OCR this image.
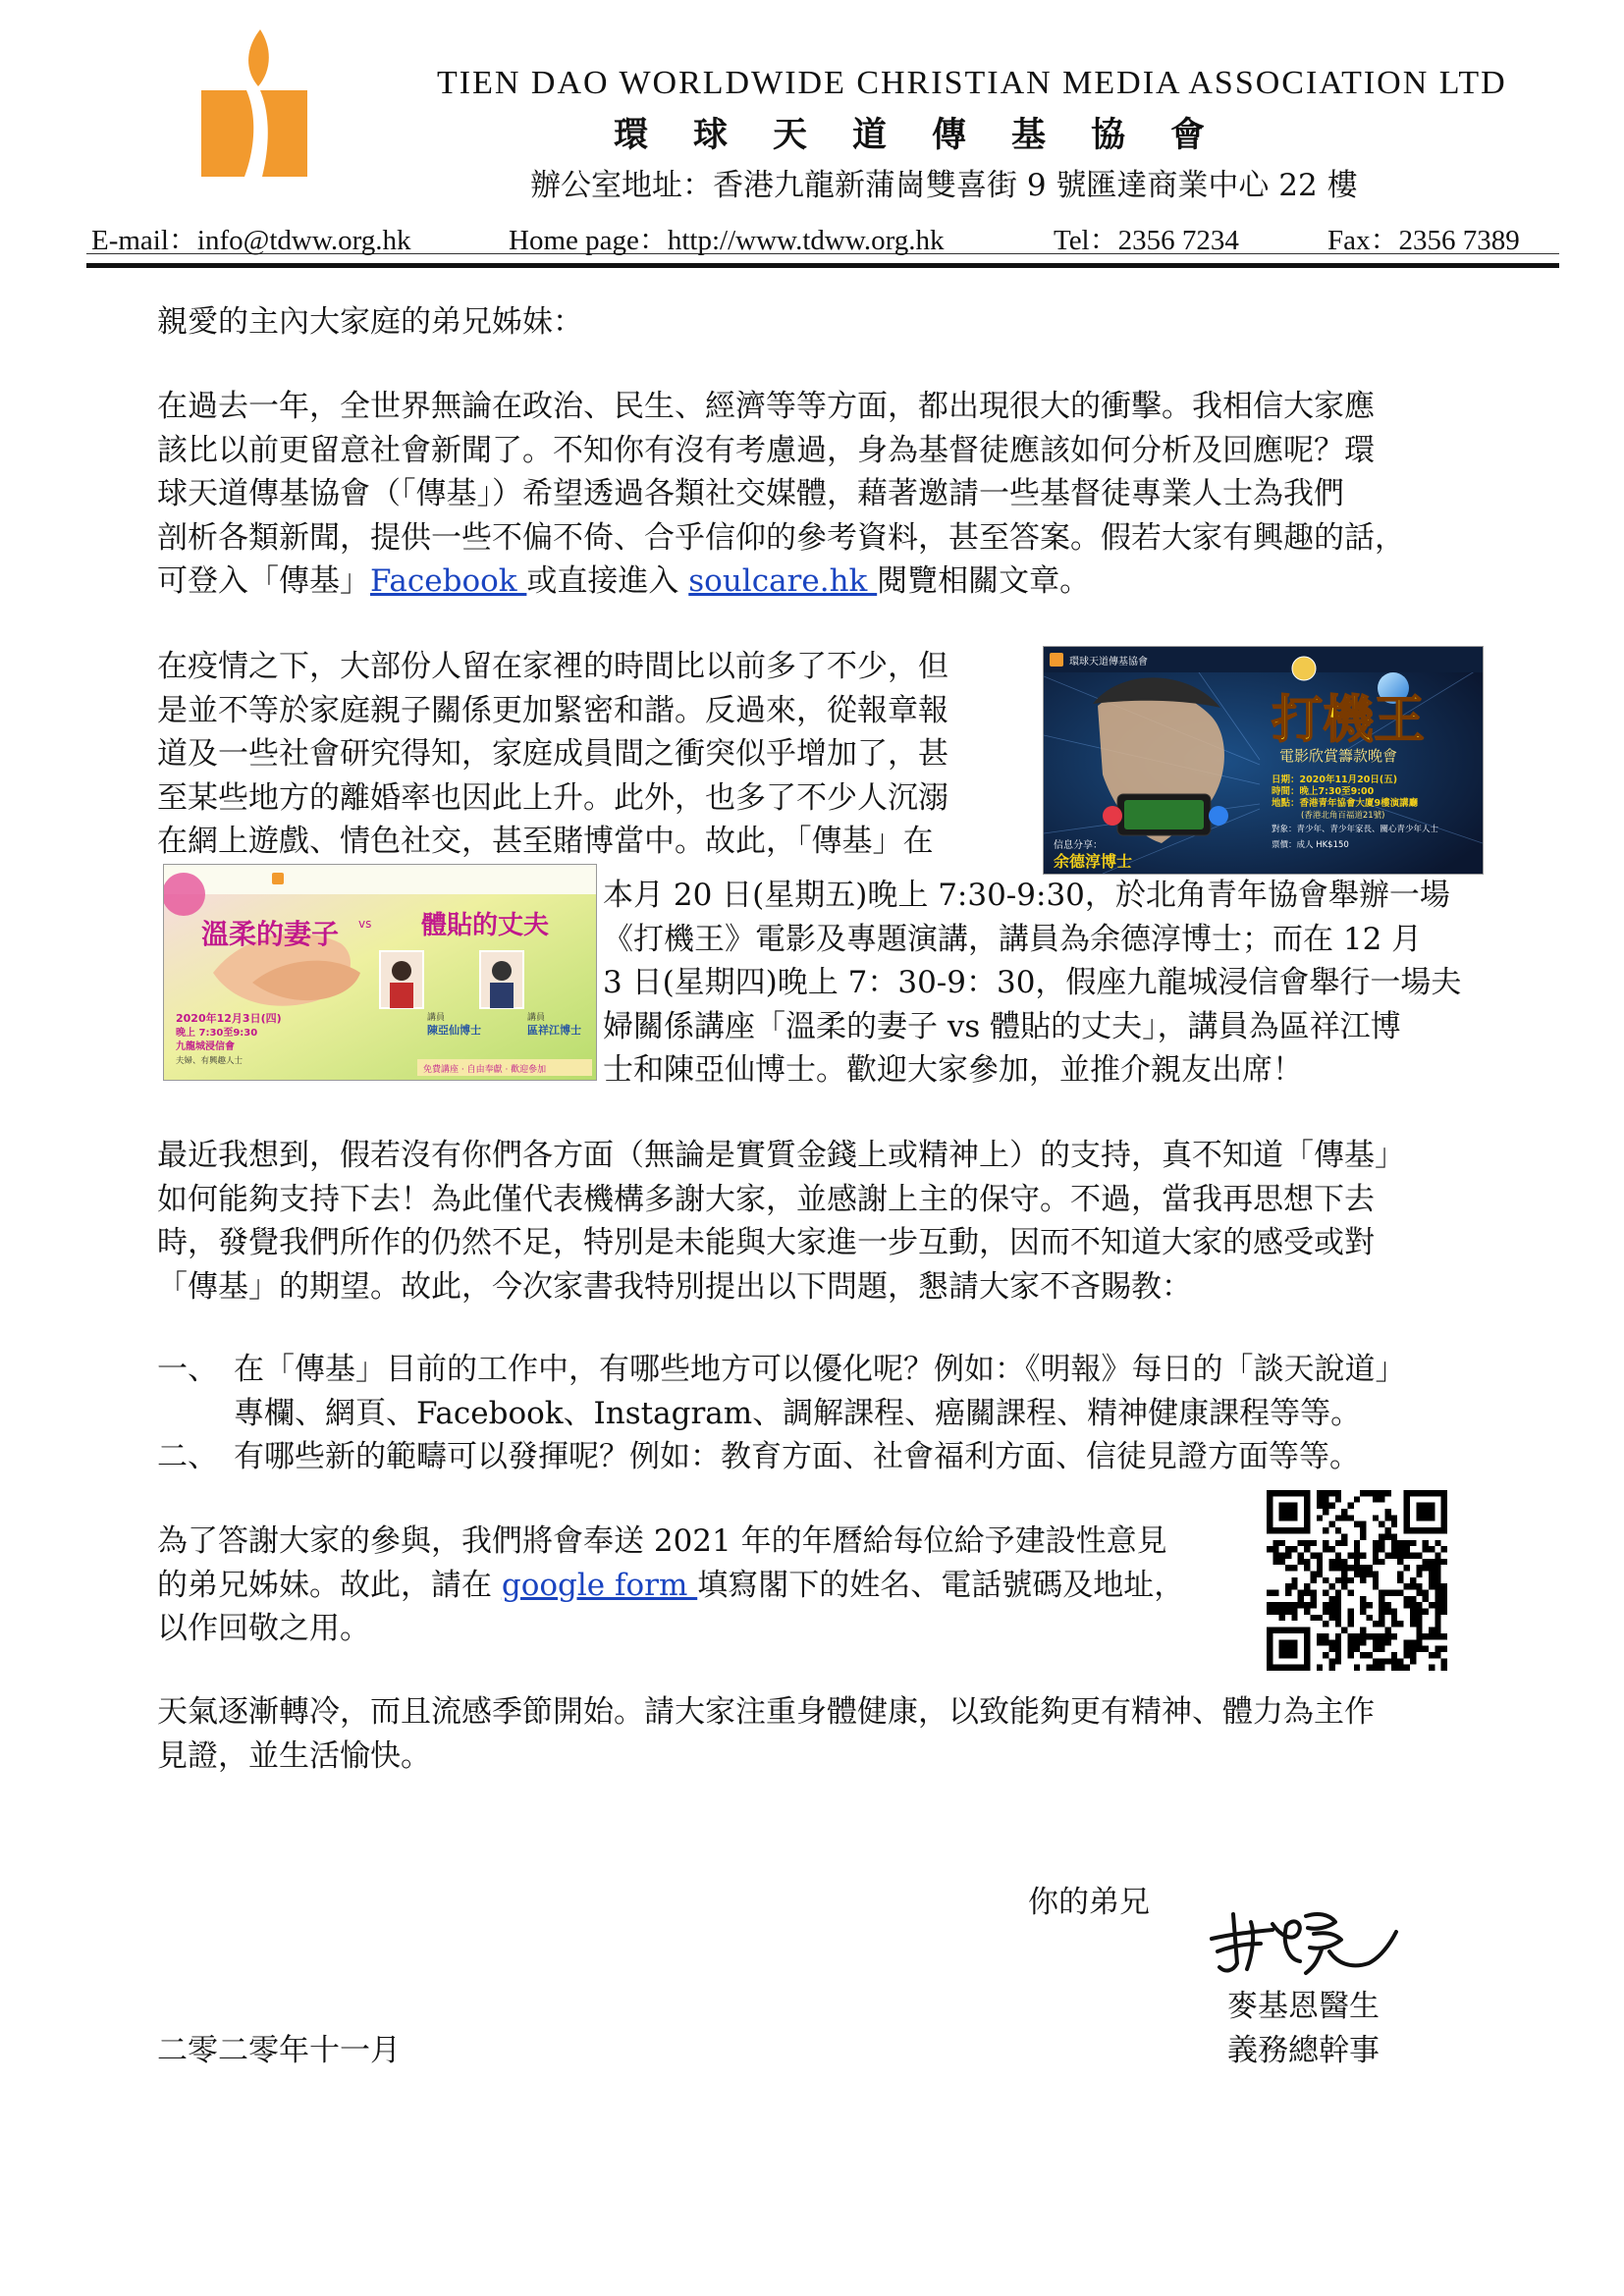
TIEN DAO WORLDWIDE CHRISTIAN MEDIA ASSOCIATION LTD
環球天道傳基協會
辦公室地址：香港九龍新蒲崗雙喜街 9 號匯達商業中心 22 樓
E-mail：info@tdww.org.hk	Home page：http://www.tdww.org.hk	Tel：2356 7234	Fax：2356 7389
親愛的主內大家庭的弟兄姊妹：
在過去一年，全世界無論在政治、民生、經濟等等方面，都出現很大的衝擊。我相信大家應
該比以前更留意社會新聞了。不知你有沒有考慮過，身為基督徒應該如何分析及回應呢？環
球天道傳基協會（「傳基」）希望透過各類社交媒體，藉著邀請一些基督徒專業人士為我們
剖析各類新聞，提供一些不偏不倚、合乎信仰的參考資料，甚至答案。假若大家有興趣的話，
可登入「傳基」Facebook 或直接進入 soulcare.hk 閱覽相關文章。
在疫情之下，大部份人留在家裡的時間比以前多了不少，但
是並不等於家庭親子關係更加緊密和諧。反過來，從報章報
道及一些社會研究得知，家庭成員間之衝突似乎增加了，甚
至某些地方的離婚率也因此上升。此外，也多了不少人沉溺
在網上遊戲、情色社交，甚至賭博當中。故此，「傳基」在
本月 20 日(星期五)晚上 7:30-9:30，於北角青年協會舉辦一場
《打機王》電影及專題演講，講員為余德淳博士；而在 12 月
3 日(星期四)晚上 7：30-9：30，假座九龍城浸信會舉行一場夫
婦關係講座「溫柔的妻子 vs 體貼的丈夫」，講員為區祥江博
士和陳亞仙博士。歡迎大家參加，並推介親友出席！
環球天道傳基協會
打機王
電影欣賞籌款晚會
日期：2020年11月20日(五)
時間：晚上7:30至9:00
地點：香港青年協會大廈9樓演講廳
(香港北角百福道21號)
對象：青少年、青少年家長、關心青少年人士
票價：成人 HK$150
信息分享：
余德淳博士
溫柔的妻子 vs 體貼的丈夫
講員
陳亞仙博士
講員
區祥江博士
2020年12月3日(四)
晚上 7:30至9:30
九龍城浸信會
夫婦、有興趣人士
免費講座 · 自由奉獻 · 歡迎參加
最近我想到，假若沒有你們各方面（無論是實質金錢上或精神上）的支持，真不知道「傳基」
如何能夠支持下去！為此僅代表機構多謝大家，並感謝上主的保守。不過，當我再思想下去
時，發覺我們所作的仍然不足，特別是未能與大家進一步互動，因而不知道大家的感受或對
「傳基」的期望。故此，今次家書我特別提出以下問題，懇請大家不吝賜教：
一、 在「傳基」目前的工作中，有哪些地方可以優化呢？例如：《明報》每日的「談天說道」
專欄、網頁、Facebook、Instagram、調解課程、癌關課程、精神健康課程等等。
二、 有哪些新的範疇可以發揮呢？例如：教育方面、社會福利方面、信徒見證方面等等。
為了答謝大家的參與，我們將會奉送 2021 年的年曆給每位給予建設性意見
的弟兄姊妹。故此，請在 google form 填寫閣下的姓名、電話號碼及地址，
以作回敬之用。
天氣逐漸轉冷，而且流感季節開始。請大家注重身體健康，以致能夠更有精神、體力為主作
見證，並生活愉快。
你的弟兄
麥基恩醫生
二零二零年十一月	義務總幹事
